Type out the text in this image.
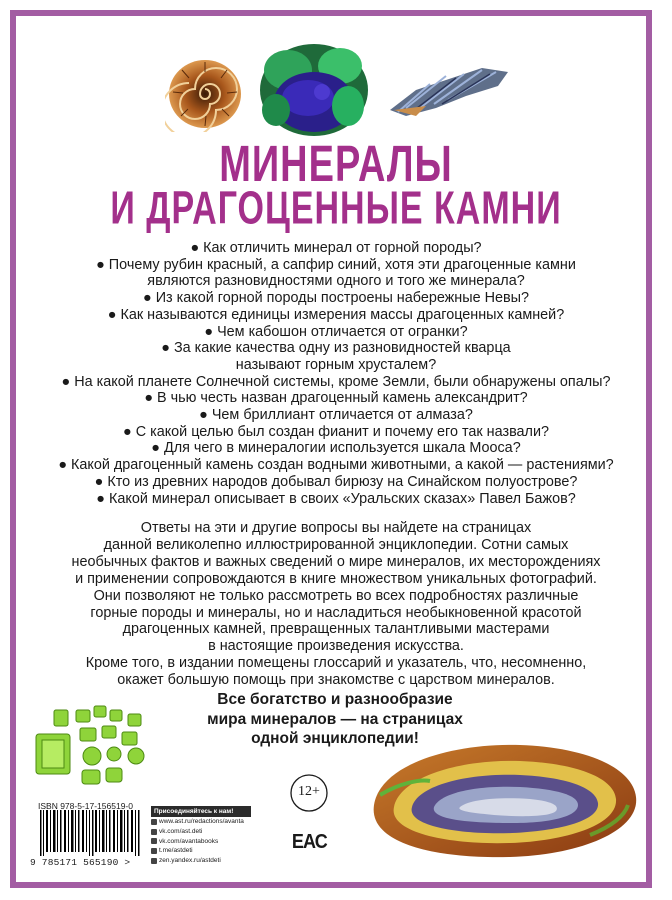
МИНЕРАЛЫ
И ДРАГОЦЕННЫЕ КАМНИ
● Как отличить минерал от горной породы?
● Почему рубин красный, а сапфир синий, хотя эти драгоценные камни
являются разновидностями одного и того же минерала?
● Из какой горной породы построены набережные Невы?
● Как называются единицы измерения массы драгоценных камней?
● Чем кабошон отличается от огранки?
● За какие качества одну из разновидностей кварца
называют горным хрусталем?
● На какой планете Солнечной системы, кроме Земли, были обнаружены опалы?
● В чью честь назван драгоценный камень александрит?
● Чем бриллиант отличается от алмаза?
● С какой целью был создан фианит и почему его так назвали?
● Для чего в минералогии используется шкала Мооса?
● Какой драгоценный камень создан водными животными, а какой — растениями?
● Кто из древних народов добывал бирюзу на Синайском полуострове?
● Какой минерал описывает в своих «Уральских сказах» Павел Бажов?
Ответы на эти и другие вопросы вы найдете на страницах
данной великолепно иллюстрированной энциклопедии. Сотни самых
необычных фактов и важных сведений о мире минералов, их месторождениях
и применении сопровождаются в книге множеством уникальных фотографий.
Они позволяют не только рассмотреть во всех подробностях различные
горные породы и минералы, но и насладиться необыкновенной красотой
драгоценных камней, превращенных талантливыми мастерами
в настоящие произведения искусства.
Кроме того, в издании помещены глоссарий и указатель, что, несомненно,
окажет большую помощь при знакомстве с царством минералов.
Все богатство и разнообразие
мира минералов — на страницах
одной энциклопедии!
ISBN 978-5-17-156519-0
9 785171 565190 >
Присоединяйтесь к нам!
www.ast.ru/redactions/avanta
vk.com/ast.deti
vk.com/avantabooks
t.me/astdeti
zen.yandex.ru/astdeti
12+
ЕАС
